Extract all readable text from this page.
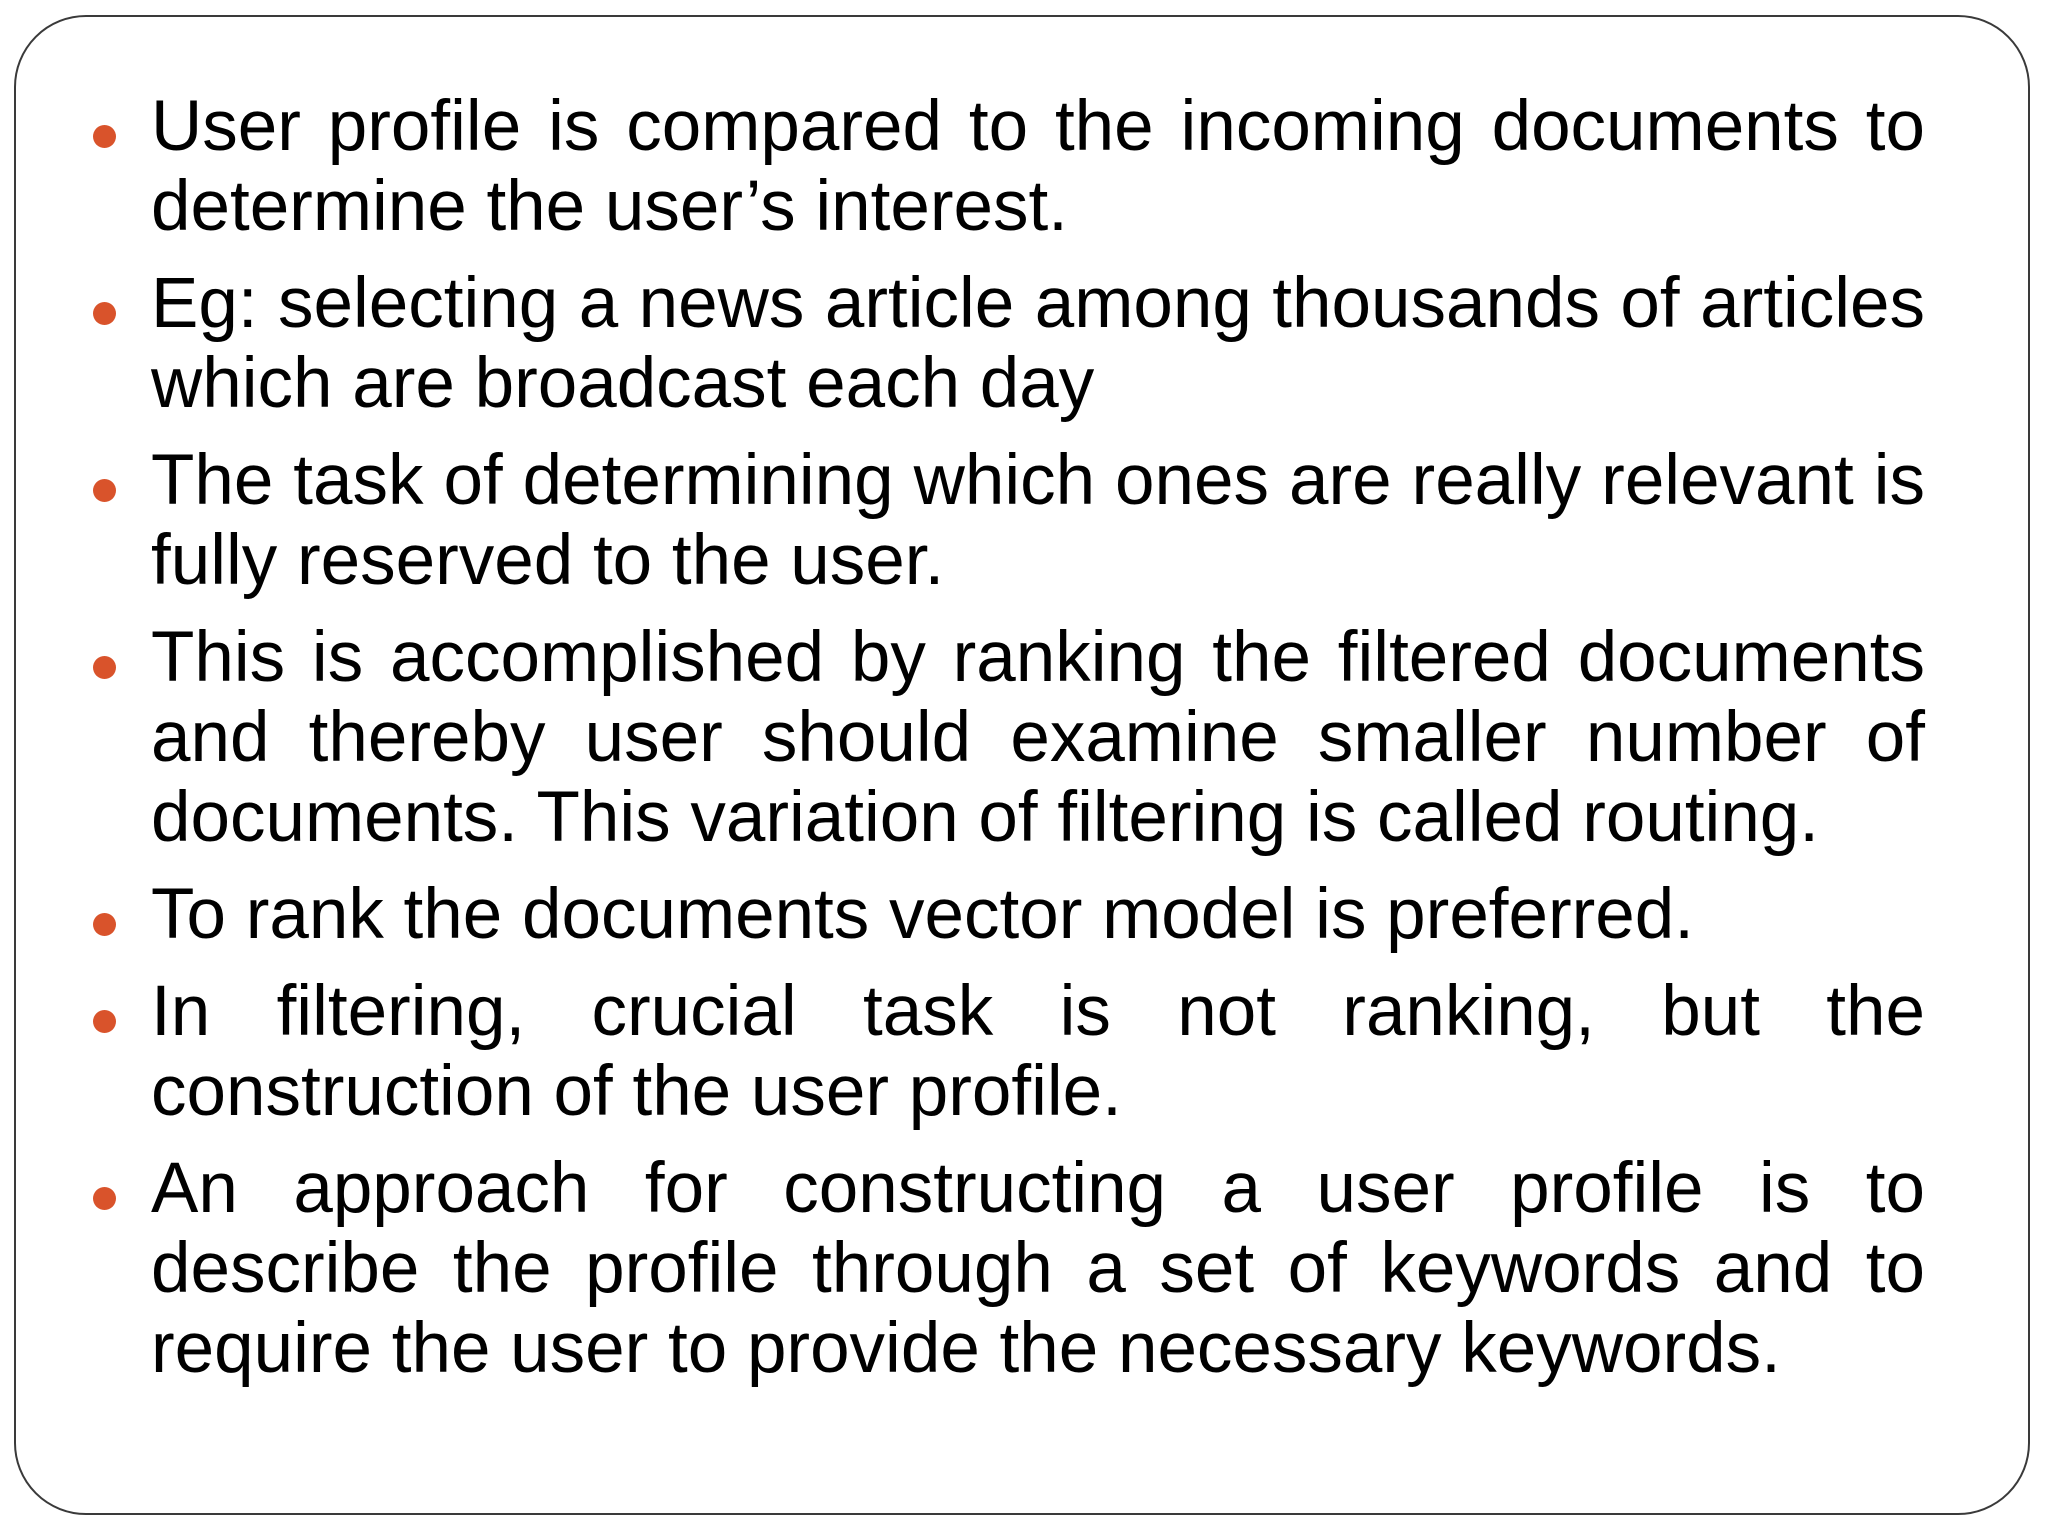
User profile is compared to the incoming documents to determine the user’s interest.
Eg: selecting a news article among thousands of articles which are broadcast each day
The task of determining which ones are really relevant is fully reserved to the user.
This is accomplished by ranking the filtered documents and thereby user should examine smaller number of documents. This variation of filtering is called routing.
To rank the documents vector model is preferred.
In filtering, crucial task is not ranking, but the construction of the user profile.
An approach for constructing a user profile is to describe the profile through a set of keywords and to require the user to provide the necessary keywords.
